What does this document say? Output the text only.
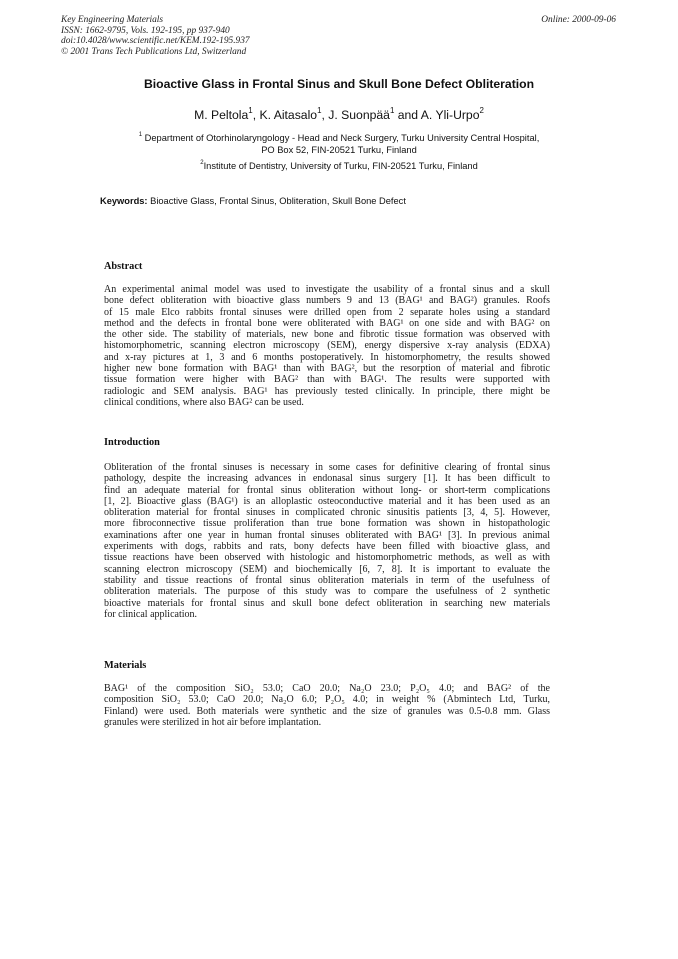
Key Engineering Materials
ISSN: 1662-9795, Vols. 192-195, pp 937-940
doi:10.4028/www.scientific.net/KEM.192-195.937
© 2001 Trans Tech Publications Ltd, Switzerland
Online: 2000-09-06
Bioactive Glass in Frontal Sinus and Skull Bone Defect Obliteration
M. Peltola$^1$, K. Aitasalo$^1$, J. Suonpää$^1$ and A. Yli-Urpo$^2$
$^1$ Department of Otorhinolaryngology - Head and Neck Surgery, Turku University Central Hospital,
PO Box 52, FIN-20521 Turku, Finland
$^2$Institute of Dentistry, University of Turku, FIN-20521 Turku, Finland
Keywords: Bioactive Glass, Frontal Sinus, Obliteration, Skull Bone Defect
Abstract
An experimental animal model was used to investigate the usability of a frontal sinus and a skull
bone defect obliteration with bioactive glass numbers 9 and 13 (BAG¹ and BAG²) granules. Roofs
of 15 male Elco rabbits frontal sinuses were drilled open from 2 separate holes using a standard
method and the defects in frontal bone were obliterated with BAG¹ on one side and with BAG² on
the other side. The stability of materials, new bone and fibrotic tissue formation was observed with
histomorphometric, scanning electron microscopy (SEM), energy dispersive x-ray analysis (EDXA)
and x-ray pictures at 1, 3 and 6 months postoperatively. In histomorphometry, the results showed
higher new bone formation with BAG¹ than with BAG², but the resorption of material and fibrotic
tissue formation were higher with BAG² than with BAG¹. The results were supported with
radiologic and SEM analysis. BAG¹ has previously tested clinically. In principle, there might be
clinical conditions, where also BAG² can be used.
Introduction
Obliteration of the frontal sinuses is necessary in some cases for definitive clearing of frontal sinus
pathology, despite the increasing advances in endonasal sinus surgery [1]. It has been difficult to
find an adequate material for frontal sinus obliteration without long- or short-term complications
[1, 2]. Bioactive glass (BAG¹) is an alloplastic osteoconductive material and it has been used as an
obliteration material for frontal sinuses in complicated chronic sinusitis patients [3, 4, 5]. However,
more fibroconnective tissue proliferation than true bone formation was shown in histopathologic
examinations after one year in human frontal sinuses obliterated with BAG¹ [3]. In previous animal
experiments with dogs, rabbits and rats, bony defects have been filled with bioactive glass, and
tissue reactions have been observed with histologic and histomorphometric methods, as well as with
scanning electron microscopy (SEM) and biochemically [6, 7, 8]. It is important to evaluate the
stability and tissue reactions of frontal sinus obliteration materials in term of the usefulness of
obliteration materials. The purpose of this study was to compare the usefulness of 2 synthetic
bioactive materials for frontal sinus and skull bone defect obliteration in searching new materials
for clinical application.
Materials
BAG¹ of the composition SiO₂ 53.0; CaO 20.0; Na₂O 23.0; P₂O₅ 4.0; and BAG² of the
composition SiO₂ 53.0; CaO 20.0; Na₂O 6.0; P₂O₅ 4.0; in weight % (Abmintech Ltd, Turku,
Finland) were used. Both materials were synthetic and the size of granules was 0.5-0.8 mm. Glass
granules were sterilized in hot air before implantation.
